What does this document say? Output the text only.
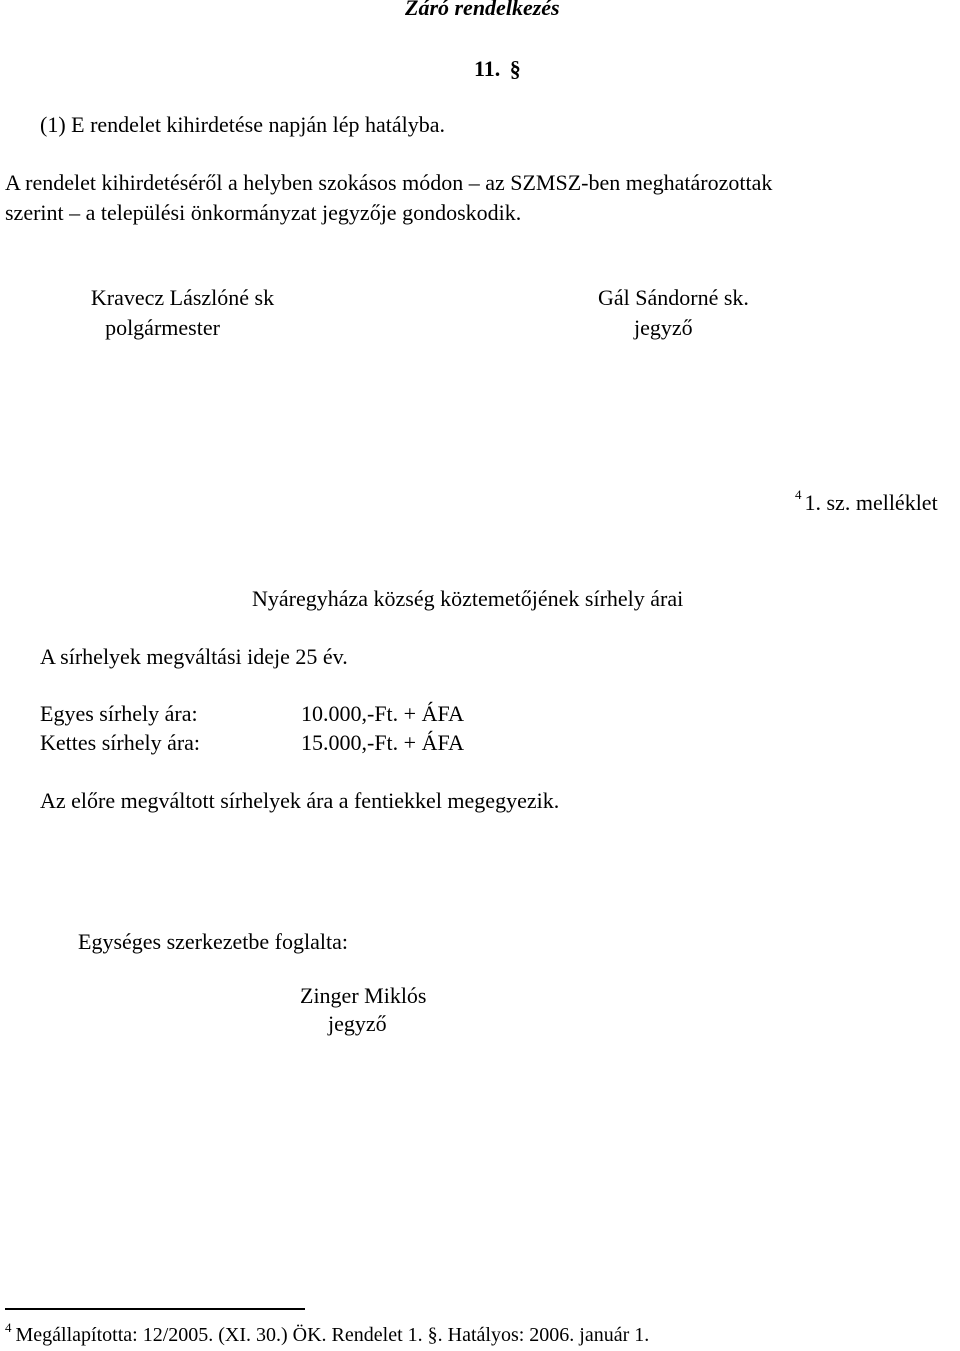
Záró rendelkezés
11. §
(1) E rendelet kihirdetése napján lép hatályba.
A rendelet kihirdetéséről a helyben szokásos módon – az SZMSZ-ben meghatározottak
szerint – a települési önkormányzat jegyzője gondoskodik.
Kravecz Lászlóné sk
polgármester
Gál Sándorné sk.
jegyző
$^4$ 1. sz. melléklet
Nyáregyháza község köztemetőjének sírhely árai
A sírhelyek megváltási ideje 25 év.
Egyes sírhely ára:	10.000,-Ft. + ÁFA
Kettes sírhely ára:	15.000,-Ft. + ÁFA
Az előre megváltott sírhelyek ára a fentiekkel megegyezik.
Egységes szerkezetbe foglalta:
Zinger Miklós
jegyző
$^4$ Megállapította: 12/2005. (XI. 30.) ÖK. Rendelet 1. §. Hatályos: 2006. január 1.
